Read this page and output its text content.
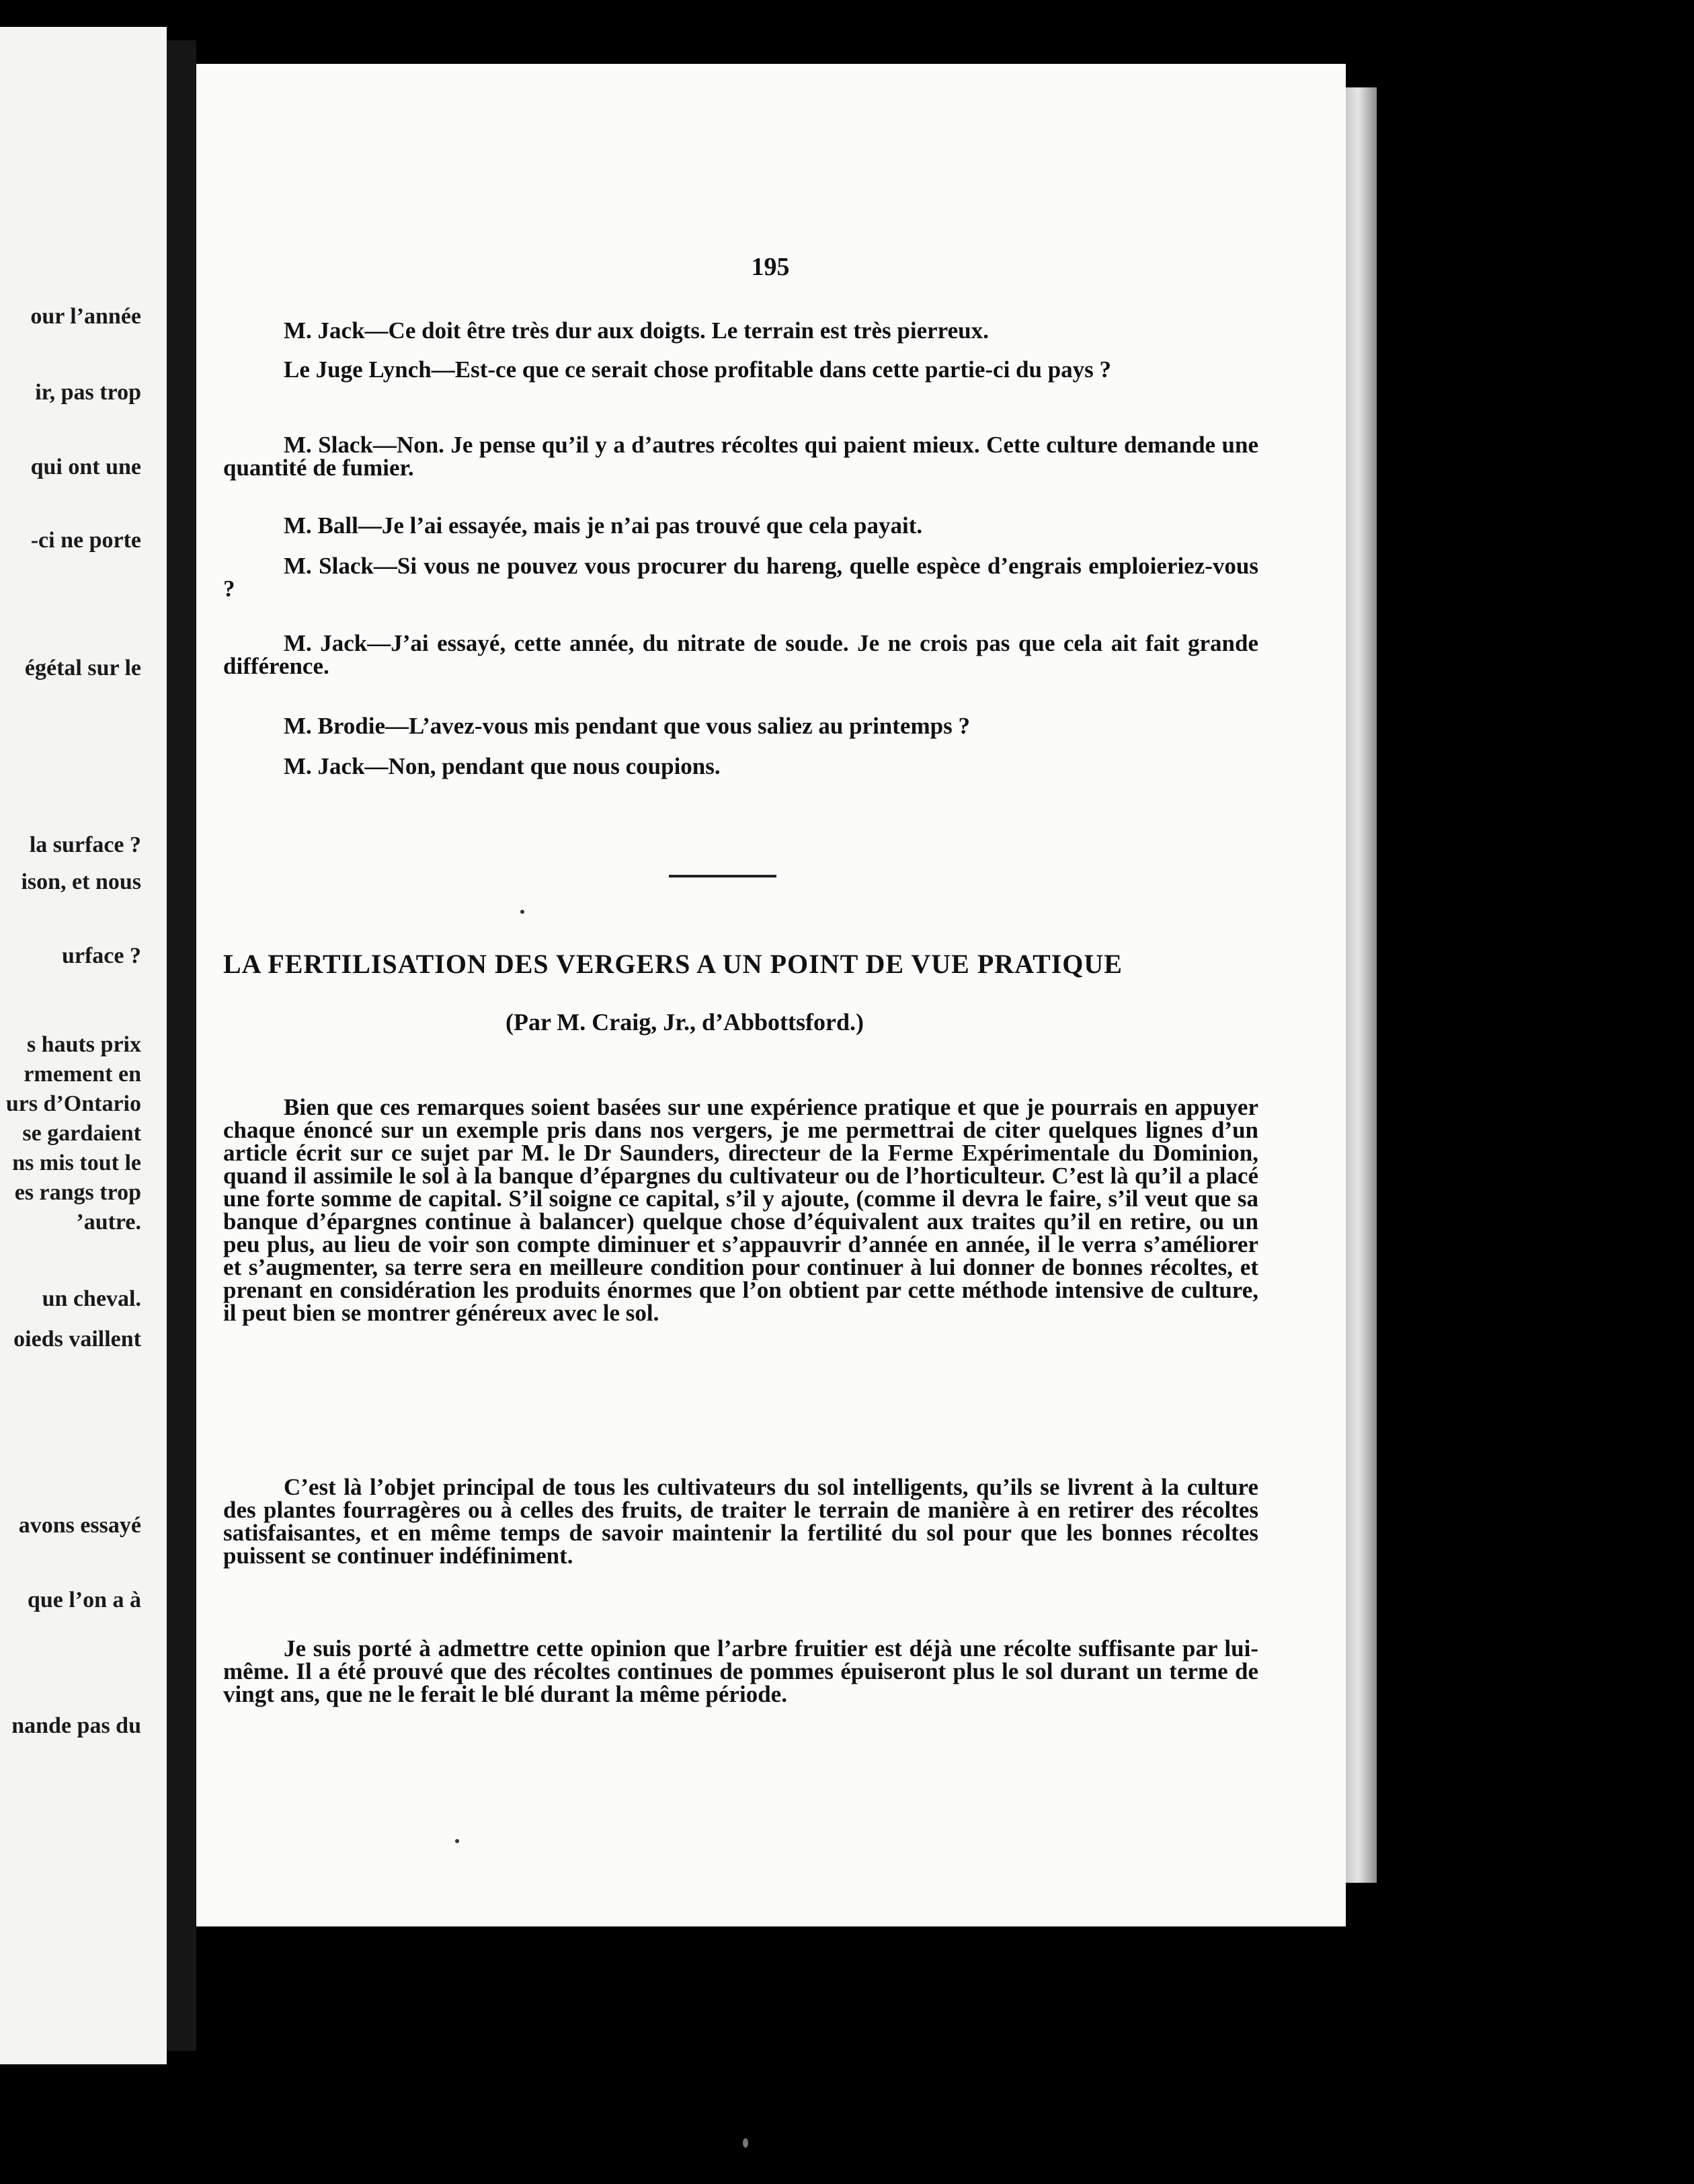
our l’année
ir, pas trop
qui ont une
-ci ne porte
égétal sur le
la surface ?
ison, et nous
urface ?
s hauts prix
rmement en
urs d’Ontario
se gardaient
ns mis tout le
es rangs trop
’autre.
un cheval.
oieds vaillent
avons essayé
que l’on a à
nande pas du
195

M. Jack—Ce doit être très dur aux doigts. Le terrain est très pierreux.

Le Juge Lynch—Est-ce que ce serait chose profitable dans cette partie-ci du pays ?

M. Slack—Non. Je pense qu’il y a d’autres récoltes qui paient mieux. Cette culture demande une quantité de fumier.

M. Ball—Je l’ai essayée, mais je n’ai pas trouvé que cela payait.

M. Slack—Si vous ne pouvez vous procurer du hareng, quelle espèce d’engrais emploieriez-vous ?

M. Jack—J’ai essayé, cette année, du nitrate de soude. Je ne crois pas que cela ait fait grande différence.

M. Brodie—L’avez-vous mis pendant que vous saliez au printemps ?

M. Jack—Non, pendant que nous coupions.

LA FERTILISATION DES VERGERS A UN POINT DE VUE PRATIQUE
(Par M. Craig, Jr., d’Abbottsford.)

Bien que ces remarques soient basées sur une expérience pratique et que je pourrais en appuyer chaque énoncé sur un exemple pris dans nos vergers, je me permettrai de citer quelques lignes d’un article écrit sur ce sujet par M. le Dr Saunders, directeur de la Ferme Expérimentale du Dominion, quand il assimile le sol à la banque d’épargnes du cultivateur ou de l’horticulteur. C’est là qu’il a placé une forte somme de capital. S’il soigne ce capital, s’il y ajoute, (comme il devra le faire, s’il veut que sa banque d’épargnes continue à balancer) quelque chose d’équivalent aux traites qu’il en retire, ou un peu plus, au lieu de voir son compte diminuer et s’appauvrir d’année en année, il le verra s’améliorer et s’augmenter, sa terre sera en meilleure condition pour continuer à lui donner de bonnes récoltes, et prenant en considération les produits énormes que l’on obtient par cette méthode intensive de culture, il peut bien se montrer généreux avec le sol.

C’est là l’objet principal de tous les cultivateurs du sol intelligents, qu’ils se livrent à la culture des plantes fourragères ou à celles des fruits, de traiter le terrain de manière à en retirer des récoltes satisfaisantes, et en même temps de savoir maintenir la fertilité du sol pour que les bonnes récoltes puissent se continuer indéfiniment.

Je suis porté à admettre cette opinion que l’arbre fruitier est déjà une récolte suffisante par lui-même. Il a été prouvé que des récoltes continues de pommes épuiseront plus le sol durant un terme de vingt ans, que ne le ferait le blé durant la même période.
